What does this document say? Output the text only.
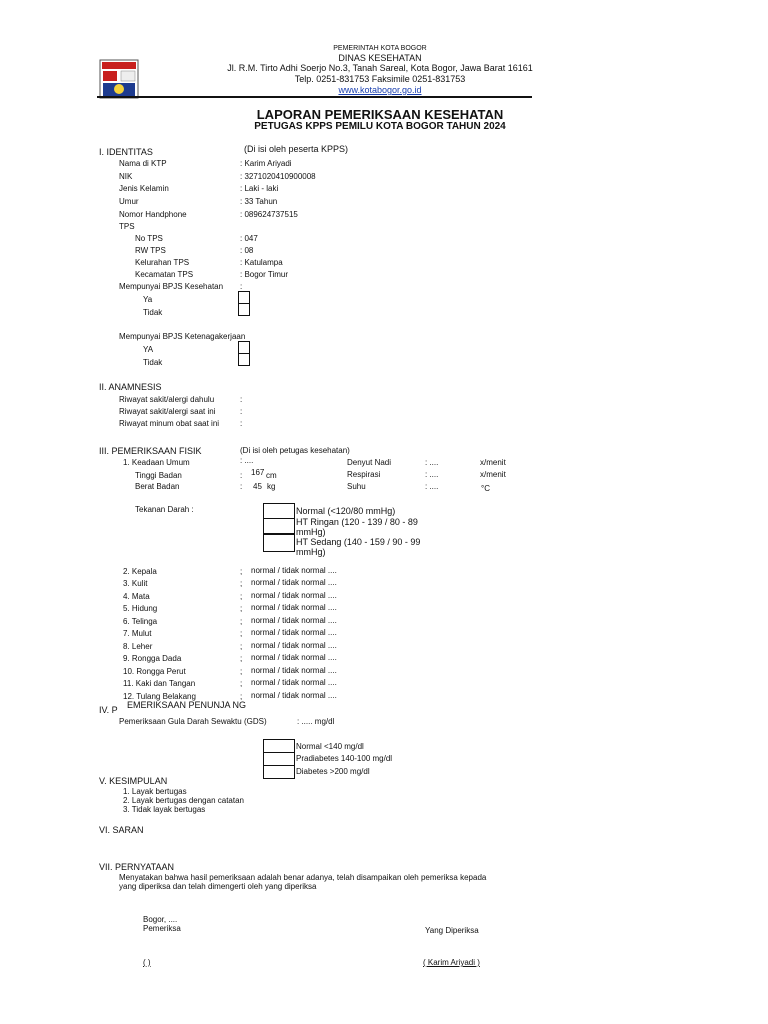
PEMERINTAH KOTA BOGOR
DINAS KESEHATAN
Jl. R.M. Tirto Adhi Soerjo No.3, Tanah Sareal, Kota Bogor, Jawa Barat 16161
Telp. 0251-831753 Faksimile 0251-831753
www.kotabogor.go.id
LAPORAN PEMERIKSAAN KESEHATAN
PETUGAS KPPS PEMILU KOTA BOGOR TAHUN 2024
I. IDENTITAS	(Di isi oleh peserta KPPS)
Nama di KTP	: Karim Ariyadi
NIK	: 3271020410900008
Jenis Kelamin	: Laki - laki
Umur	: 33 Tahun
Nomor Handphone	: 089624737515
TPS
No TPS	: 047
RW TPS	: 08
Kelurahan TPS	: Katulampa
Kecamatan TPS	: Bogor Timur
Mempunyai BPJS Kesehatan :
Ya
Tidak
Mempunyai BPJS Ketenagakerjaan
YA
Tidak
II. ANAMNESIS
Riwayat sakit/alergi dahulu	:
Riwayat sakit/alergi saat ini	:
Riwayat minum obat saat ini	:
III. PEMERIKSAAN FISIK	(Di isi oleh petugas kesehatan)
1. Keadaan Umum	: ....
Tinggi Badan	: 167 cm
Berat Badan	: 45 kg
Denyut Nadi	: ....	x/menit
Respirasi	: ....	x/menit
Suhu	: ....	°C
Tekanan Darah :	Normal (<120/80 mmHg)
HT Ringan (120 - 139 / 80 - 89
mmHg)
HT Sedang (140 - 159 / 90 - 99
mmHg)
2. Kepala	; normal / tidak normal ....
3. Kulit	; normal / tidak normal ....
4. Mata	; normal / tidak normal ....
5. Hidung	; normal / tidak normal ....
6. Telinga	; normal / tidak normal ....
7. Mulut	; normal / tidak normal ....
8. Leher	; normal / tidak normal ....
9. Rongga Dada	; normal / tidak normal ....
10. Rongga Perut	; normal / tidak normal ....
11. Kaki dan Tangan	; normal / tidak normal ....
12. Tulang Belakang	; normal / tidak normal ....
IV. P EMERIKSAAN PENUNJA NG
Pemeriksaan Gula Darah Sewaktu (GDS)	: ..... mg/dl
Normal <140 mg/dl
Pradiabetes 140-100 mg/dl
Diabetes >200 mg/dl
V. KESIMPULAN
1. Layak bertugas
2. Layak bertugas dengan catatan
3. Tidak layak bertugas
VI. SARAN
VII. PERNYATAAN
Menyatakan bahwa hasil pemeriksaan adalah benar adanya, telah disampaikan oleh pemeriksa kepada
yang diperiksa dan telah dimengerti oleh yang diperiksa
Bogor, ....
Pemeriksa	Yang Diperiksa
( )	( Karim Ariyadi )
